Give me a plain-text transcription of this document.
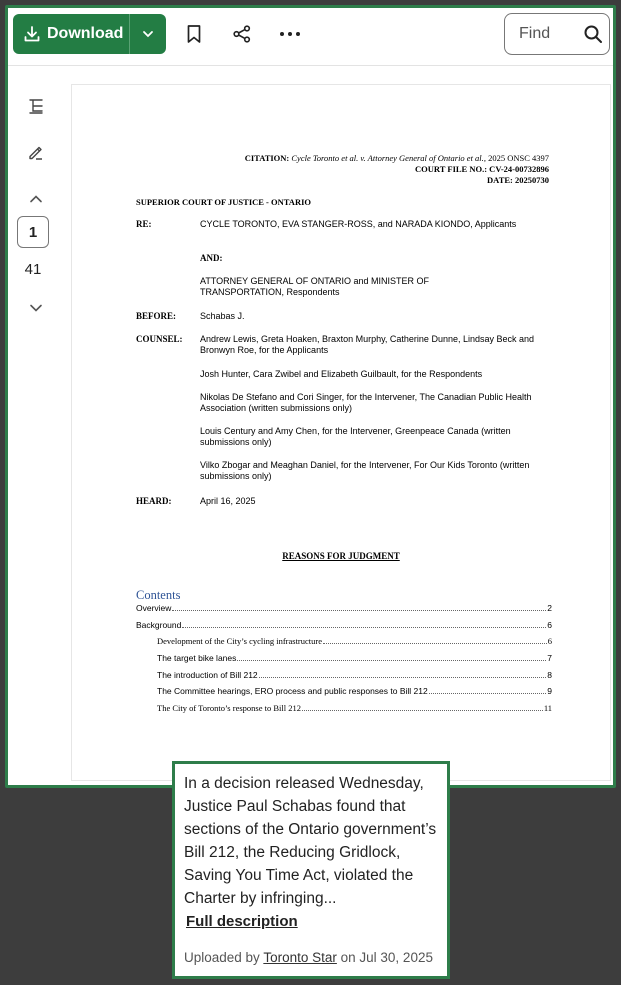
Download
Find
1
41
CITATION: Cycle Toronto et al. v. Attorney General of Ontario et al., 2025 ONSC 4397
COURT FILE NO.: CV-24-00732896
DATE: 20250730
SUPERIOR COURT OF JUSTICE - ONTARIO
RE:	CYCLE TORONTO, EVA STANGER-ROSS, and NARADA KIONDO, Applicants
AND:
ATTORNEY GENERAL OF ONTARIO and MINISTER OF TRANSPORTATION, Respondents
BEFORE:	Schabas J.
COUNSEL: Andrew Lewis, Greta Hoaken, Braxton Murphy, Catherine Dunne, Lindsay Beck and Bronwyn Roe, for the Applicants
Josh Hunter, Cara Zwibel and Elizabeth Guilbault, for the Respondents
Nikolas De Stefano and Cori Singer, for the Intervener, The Canadian Public Health Association (written submissions only)
Louis Century and Amy Chen, for the Intervener, Greenpeace Canada (written submissions only)
Vilko Zbogar and Meaghan Daniel, for the Intervener, For Our Kids Toronto (written submissions only)
HEARD:	April 16, 2025
REASONS FOR JUDGMENT
Contents
Overview	2
Background	6
Development of the City’s cycling infrastructure	6
The target bike lanes	7
The introduction of Bill 212	8
The Committee hearings, ERO process and public responses to Bill 212	9
The City of Toronto’s response to Bill 212	11
In a decision released Wednesday, Justice Paul Schabas found that sections of the Ontario government’s Bill 212, the Reducing Gridlock, Saving You Time Act, violated the Charter by infringing... Full description
Uploaded by Toronto Star on Jul 30, 2025
